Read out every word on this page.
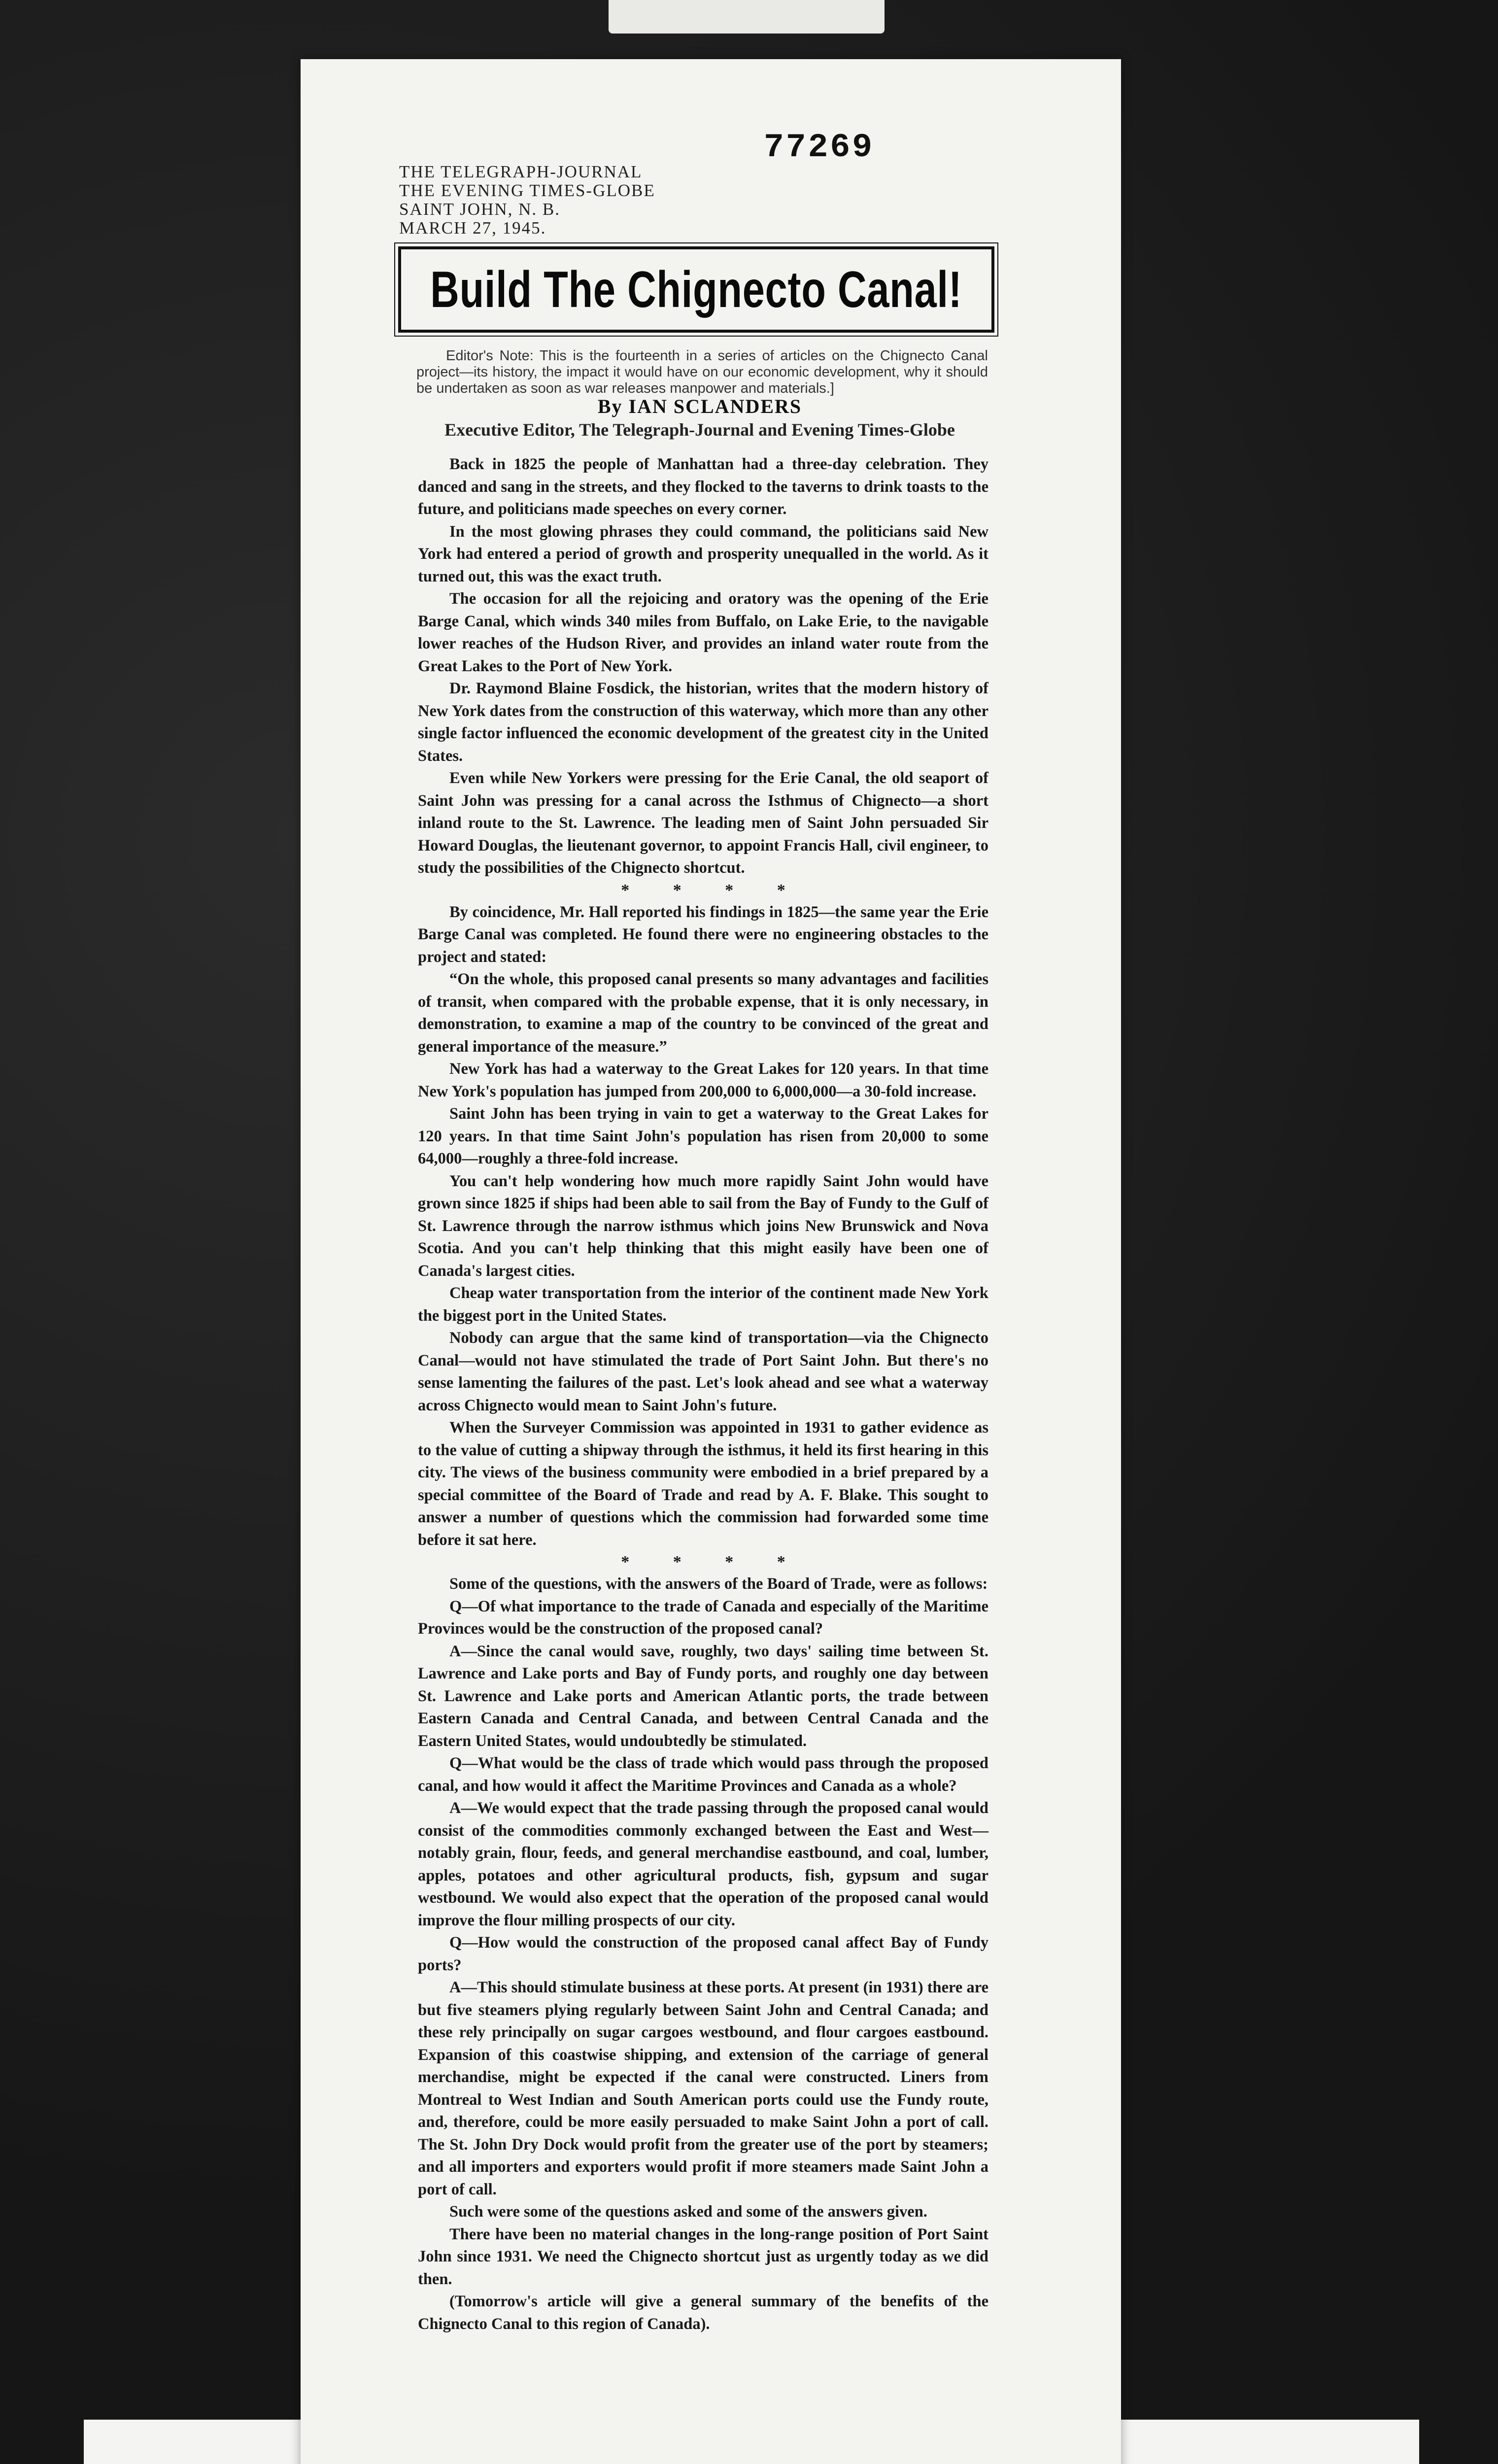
THE TELEGRAPH-JOURNAL
THE EVENING TIMES-GLOBE
SAINT JOHN, N. B.
MARCH 27, 1945.
77269
Build The Chignecto Canal!

Editor's Note: This is the fourteenth in a series of articles on the Chignecto Canal project—its history, the impact it would have on our economic development, why it should be undertaken as soon as war releases manpower and materials.]

By IAN SCLANDERS
Executive Editor, The Telegraph-Journal and Evening Times-Globe

Back in 1825 the people of Manhattan had a three-day celebration. They danced and sang in the streets, and they flocked to the taverns to drink toasts to the future, and politicians made speeches on every corner.

In the most glowing phrases they could command, the politicians said New York had entered a period of growth and prosperity unequalled in the world. As it turned out, this was the exact truth.

The occasion for all the rejoicing and oratory was the opening of the Erie Barge Canal, which winds 340 miles from Buffalo, on Lake Erie, to the navigable lower reaches of the Hudson River, and provides an inland water route from the Great Lakes to the Port of New York.

Dr. Raymond Blaine Fosdick, the historian, writes that the modern history of New York dates from the construction of this waterway, which more than any other single factor influenced the economic development of the greatest city in the United States.

Even while New Yorkers were pressing for the Erie Canal, the old seaport of Saint John was pressing for a canal across the Isthmus of Chignecto—a short inland route to the St. Lawrence. The leading men of Saint John persuaded Sir Howard Douglas, the lieutenant governor, to appoint Francis Hall, civil engineer, to study the possibilities of the Chignecto shortcut.

* * * *

By coincidence, Mr. Hall reported his findings in 1825—the same year the Erie Barge Canal was completed. He found there were no engineering obstacles to the project and stated:

“On the whole, this proposed canal presents so many advantages and facilities of transit, when compared with the probable expense, that it is only necessary, in demonstration, to examine a map of the country to be convinced of the great and general importance of the measure.”

New York has had a waterway to the Great Lakes for 120 years. In that time New York's population has jumped from 200,000 to 6,000,000—a 30-fold increase.

Saint John has been trying in vain to get a waterway to the Great Lakes for 120 years. In that time Saint John's population has risen from 20,000 to some 64,000—roughly a three-fold increase.

You can't help wondering how much more rapidly Saint John would have grown since 1825 if ships had been able to sail from the Bay of Fundy to the Gulf of St. Lawrence through the narrow isthmus which joins New Brunswick and Nova Scotia. And you can't help thinking that this might easily have been one of Canada's largest cities.

Cheap water transportation from the interior of the continent made New York the biggest port in the United States.

Nobody can argue that the same kind of transportation—via the Chignecto Canal—would not have stimulated the trade of Port Saint John. But there's no sense lamenting the failures of the past. Let's look ahead and see what a waterway across Chignecto would mean to Saint John's future.

When the Surveyer Commission was appointed in 1931 to gather evidence as to the value of cutting a shipway through the isthmus, it held its first hearing in this city. The views of the business community were embodied in a brief prepared by a special committee of the Board of Trade and read by A. F. Blake. This sought to answer a number of questions which the commission had forwarded some time before it sat here.

* * * *

Some of the questions, with the answers of the Board of Trade, were as follows:

Q—Of what importance to the trade of Canada and especially of the Maritime Provinces would be the construction of the proposed canal?

A—Since the canal would save, roughly, two days' sailing time between St. Lawrence and Lake ports and Bay of Fundy ports, and roughly one day between St. Lawrence and Lake ports and American Atlantic ports, the trade between Eastern Canada and Central Canada, and between Central Canada and the Eastern United States, would undoubtedly be stimulated.

Q—What would be the class of trade which would pass through the proposed canal, and how would it affect the Maritime Provinces and Canada as a whole?

A—We would expect that the trade passing through the proposed canal would consist of the commodities commonly exchanged between the East and West—notably grain, flour, feeds, and general merchandise eastbound, and coal, lumber, apples, potatoes and other agricultural products, fish, gypsum and sugar westbound. We would also expect that the operation of the proposed canal would improve the flour milling prospects of our city.

Q—How would the construction of the proposed canal affect Bay of Fundy ports?

A—This should stimulate business at these ports. At present (in 1931) there are but five steamers plying regularly between Saint John and Central Canada; and these rely principally on sugar cargoes westbound, and flour cargoes eastbound. Expansion of this coastwise shipping, and extension of the carriage of general merchandise, might be expected if the canal were constructed. Liners from Montreal to West Indian and South American ports could use the Fundy route, and, therefore, could be more easily persuaded to make Saint John a port of call. The St. John Dry Dock would profit from the greater use of the port by steamers; and all importers and exporters would profit if more steamers made Saint John a port of call.

Such were some of the questions asked and some of the answers given.

There have been no material changes in the long-range position of Port Saint John since 1931. We need the Chignecto shortcut just as urgently today as we did then.

(Tomorrow's article will give a general summary of the benefits of the Chignecto Canal to this region of Canada).
